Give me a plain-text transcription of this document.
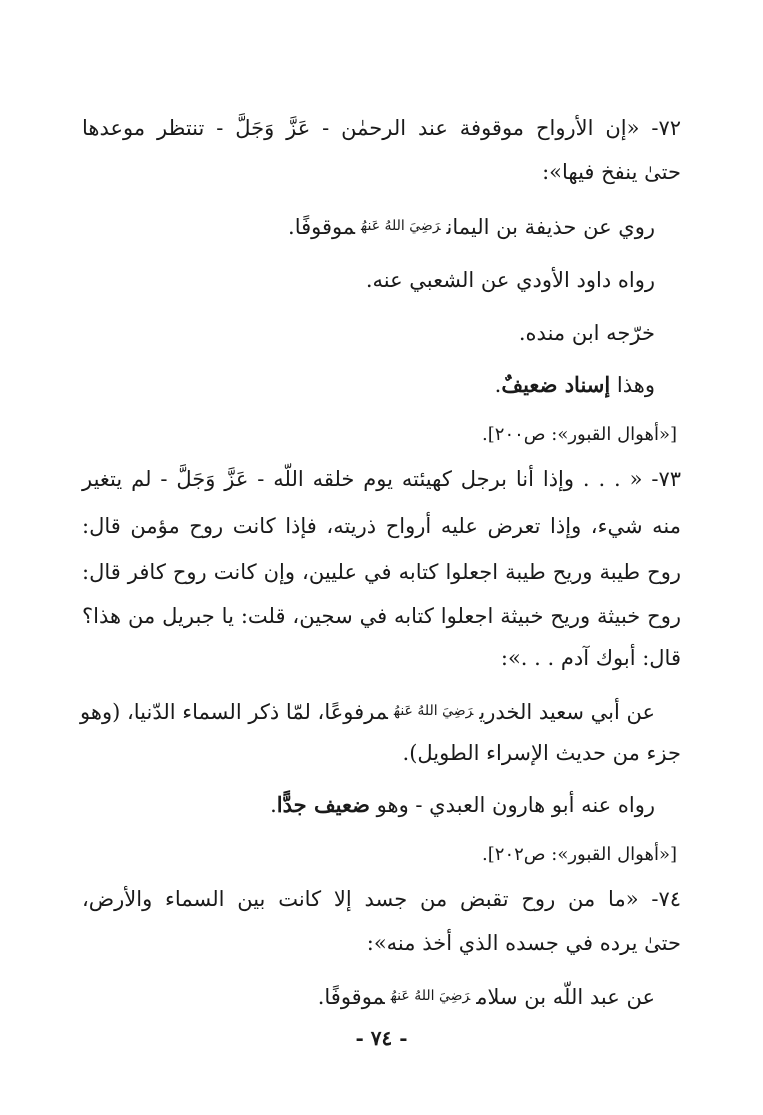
٧٢- «إن الأرواح موقوفة عند الرحمٰن - عَزَّ وَجَلَّ - تنتظر موعدها
حتىٰ ينفخ فيها»:
روي عن حذيفة بن اليمانرَضِيَ اللهُ عَنهُموقوفًا.
رواه داود الأودي عن الشعبي عنه.
خرّجه ابن منده.
وهذا إسناد ضعيفٌ.
[«أهوال القبور»: ص٢٠٠].
٧٣- « . . . وإذا أنا برجل كهيئته يوم خلقه اللّه - عَزَّ وَجَلَّ - لم يتغير
منه شيء، وإذا تعرض عليه أرواح ذريته، فإذا كانت روح مؤمن قال:
روح طيبة وريح طيبة اجعلوا كتابه في عليين، وإن كانت روح كافر قال:
روح خبيثة وريح خبيثة اجعلوا كتابه في سجين، قلت: يا جبريل من هذا؟
قال: أبوك آدم . . .»:
عن أبي سعيد الخدريرَضِيَ اللهُ عَنهُمرفوعًا، لمّا ذكر السماء الدّنيا، (وهو
جزء من حديث الإسراء الطويل).
رواه عنه أبو هارون العبدي - وهو ضعيف جدًّا.
[«أهوال القبور»: ص٢٠٢].
٧٤- «ما من روح تقبض من جسد إلا كانت بين السماء والأرض،
حتىٰ يرده في جسده الذي أخذ منه»:
عن عبد اللّه بن سلامرَضِيَ اللهُ عَنهُموقوفًا.
- ٧٤ -
